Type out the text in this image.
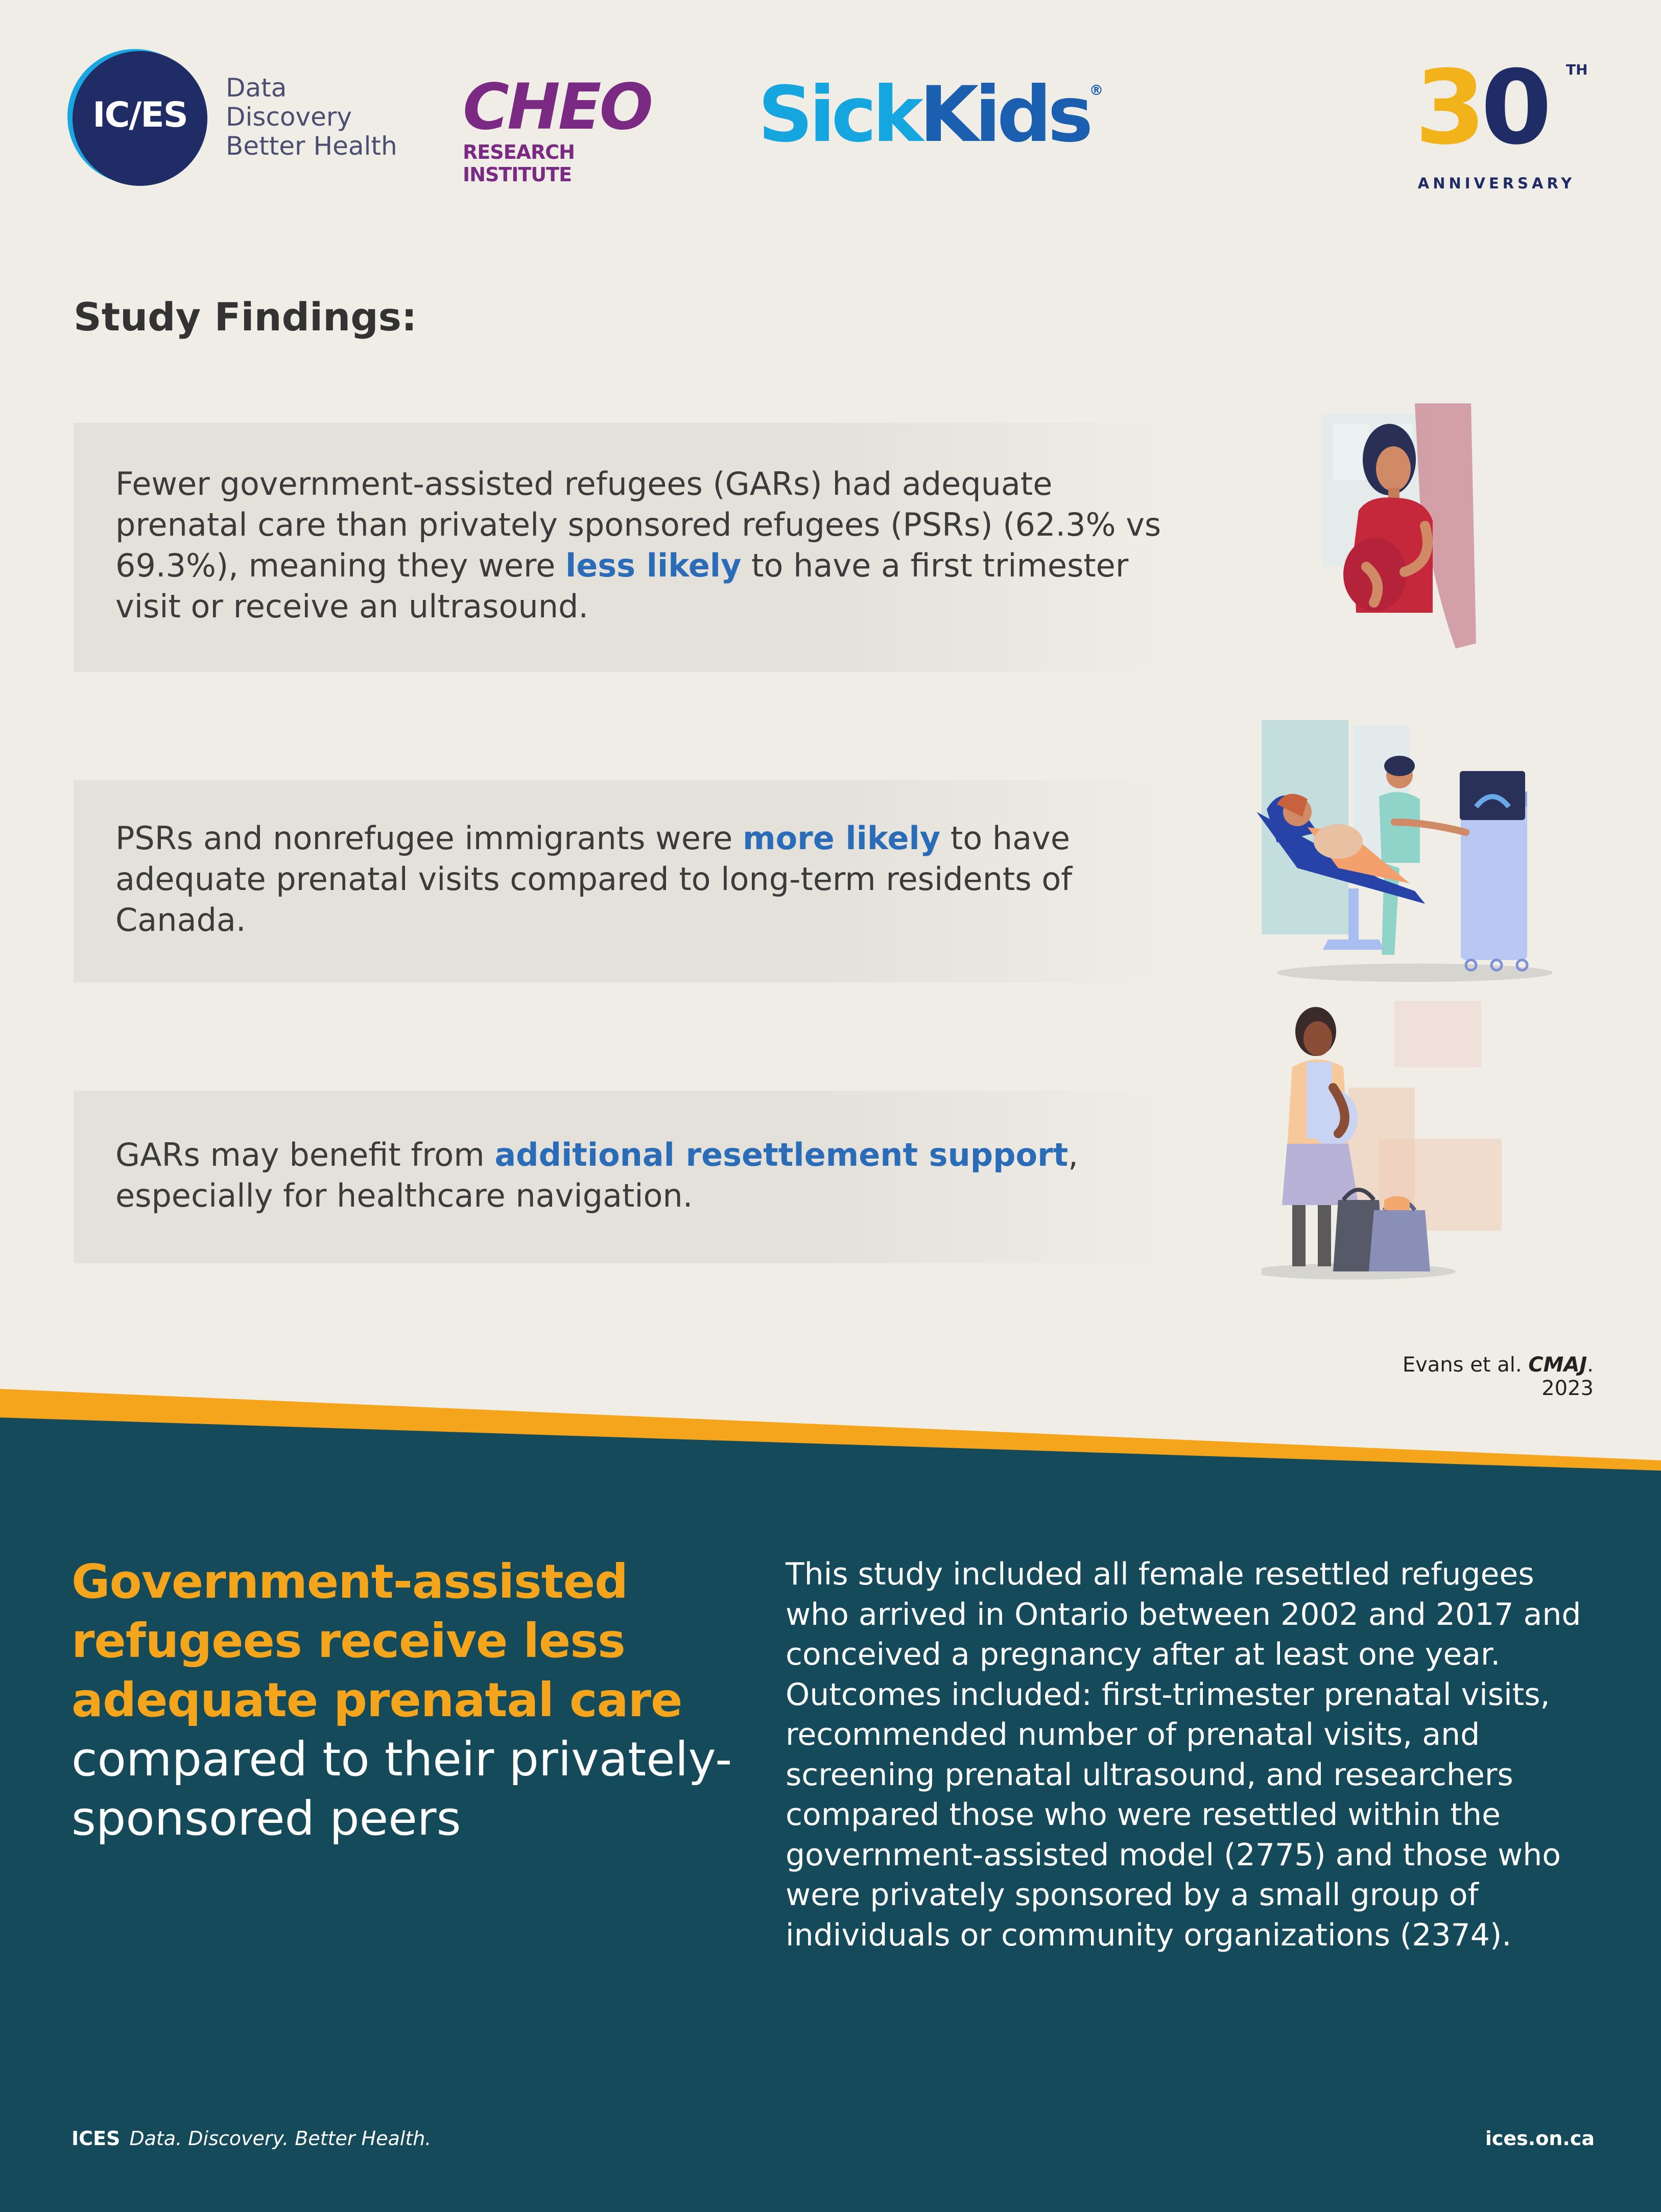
IC/ES
Data
Discovery
Better Health
CHEO
RESEARCH INSTITUTE
SickKids®	30	TH
ANNIVERSARY
Study Findings:

Fewer government-assisted refugees (GARs) had adequate prenatal care than privately sponsored refugees (PSRs) (62.3% vs 69.3%), meaning they were less likely to have a first trimester visit or receive an ultrasound.

PSRs and nonrefugee immigrants were more likely to have adequate prenatal visits compared to long-term residents of Canada.

GARs may benefit from additional resettlement support, especially for healthcare navigation.

Evans et al. CMAJ. 2023
Government-assisted refugees receive less adequate prenatal care
compared to their privately-sponsored peers
This study included all female resettled refugees who arrived in Ontario between 2002 and 2017 and conceived a pregnancy after at least one year. Outcomes included: first-trimester prenatal visits, recommended number of prenatal visits, and screening prenatal ultrasound, and researchers compared those who were resettled within the government-assisted model (2775) and those who were privately sponsored by a small group of individuals or community organizations (2374).
ICES Data. Discovery. Better Health.	ices.on.ca
